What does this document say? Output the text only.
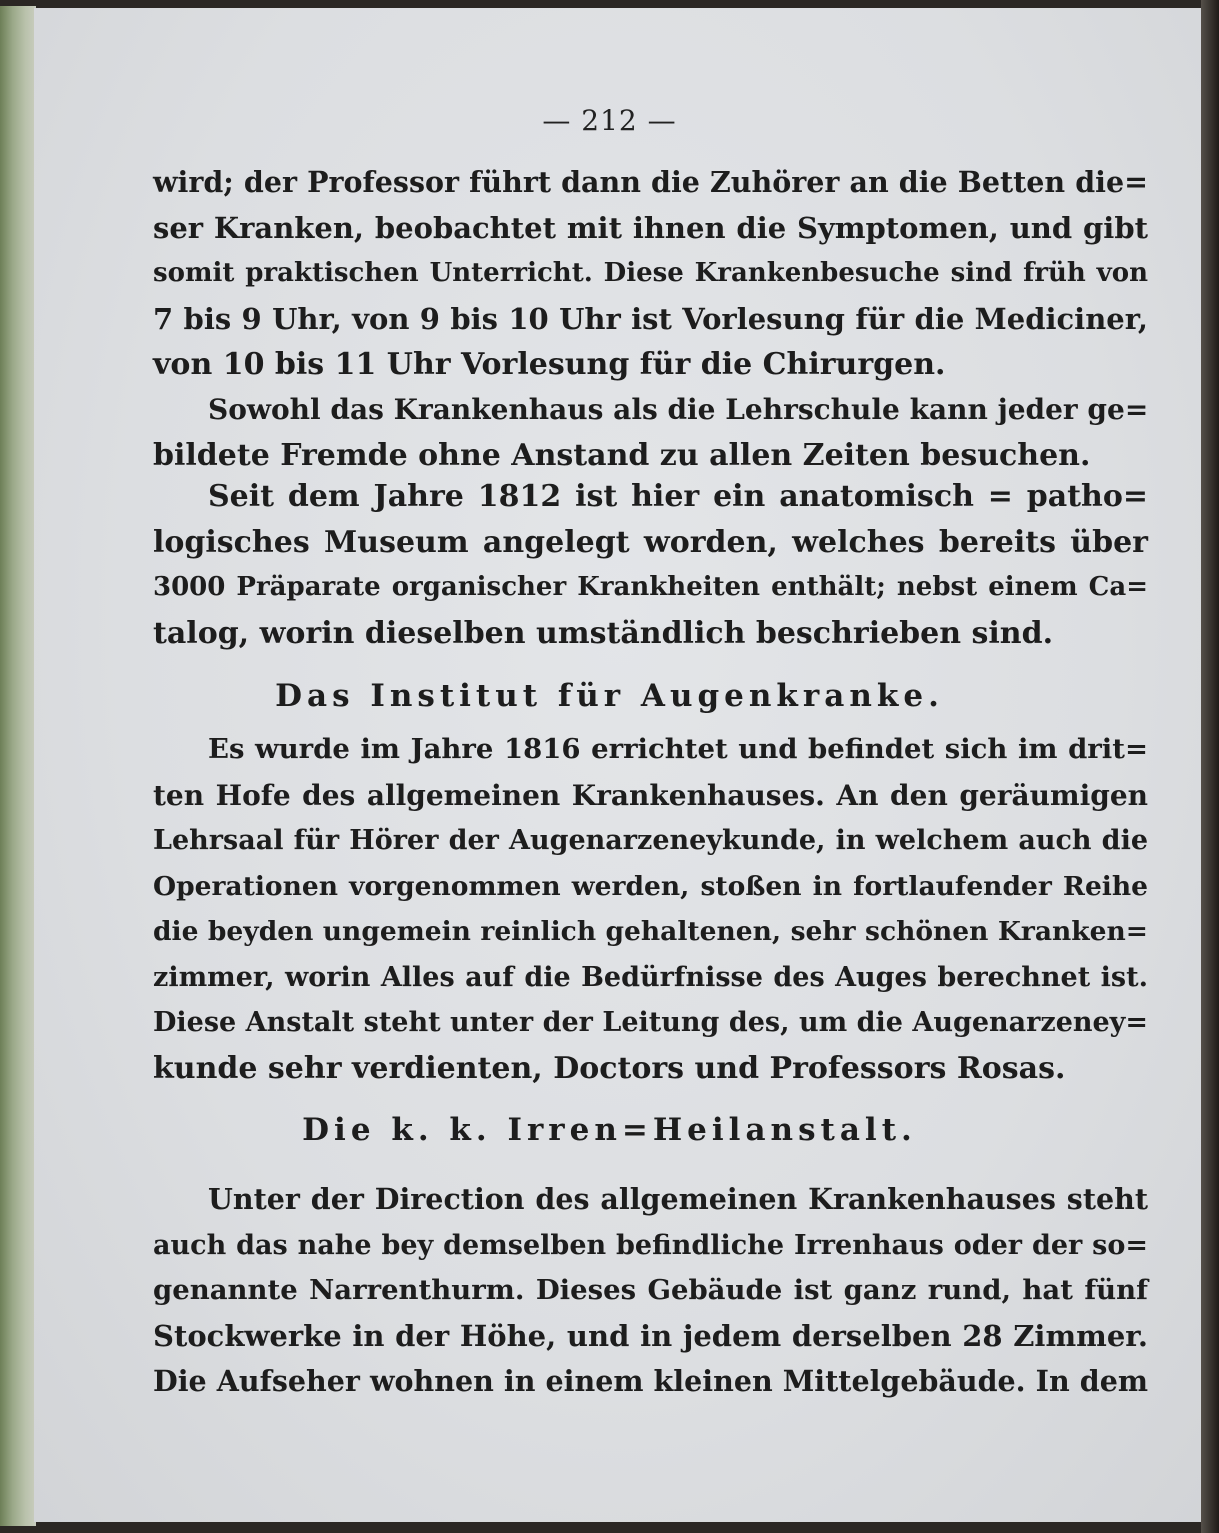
— 212 —
wird; der Professor führt dann die Zuhörer an die Betten die=
ser Kranken, beobachtet mit ihnen die Symptomen, und gibt
somit praktischen Unterricht. Diese Krankenbesuche sind früh von
7 bis 9 Uhr, von 9 bis 10 Uhr ist Vorlesung für die Mediciner,
von 10 bis 11 Uhr Vorlesung für die Chirurgen.
Sowohl das Krankenhaus als die Lehrschule kann jeder ge=
bildete Fremde ohne Anstand zu allen Zeiten besuchen.
Seit dem Jahre 1812 ist hier ein anatomisch = patho=
logisches Museum angelegt worden, welches bereits über
3000 Präparate organischer Krankheiten enthält; nebst einem Ca=
talog, worin dieselben umständlich beschrieben sind.
Das Institut für Augenkranke.
Es wurde im Jahre 1816 errichtet und befindet sich im drit=
ten Hofe des allgemeinen Krankenhauses. An den geräumigen
Lehrsaal für Hörer der Augenarzeneykunde, in welchem auch die
Operationen vorgenommen werden, stoßen in fortlaufender Reihe
die beyden ungemein reinlich gehaltenen, sehr schönen Kranken=
zimmer, worin Alles auf die Bedürfnisse des Auges berechnet ist.
Diese Anstalt steht unter der Leitung des, um die Augenarzeney=
kunde sehr verdienten, Doctors und Professors Rosas.
Die k. k. Irren=Heilanstalt.
Unter der Direction des allgemeinen Krankenhauses steht
auch das nahe bey demselben befindliche Irrenhaus oder der so=
genannte Narrenthurm. Dieses Gebäude ist ganz rund, hat fünf
Stockwerke in der Höhe, und in jedem derselben 28 Zimmer.
Die Aufseher wohnen in einem kleinen Mittelgebäude. In dem
